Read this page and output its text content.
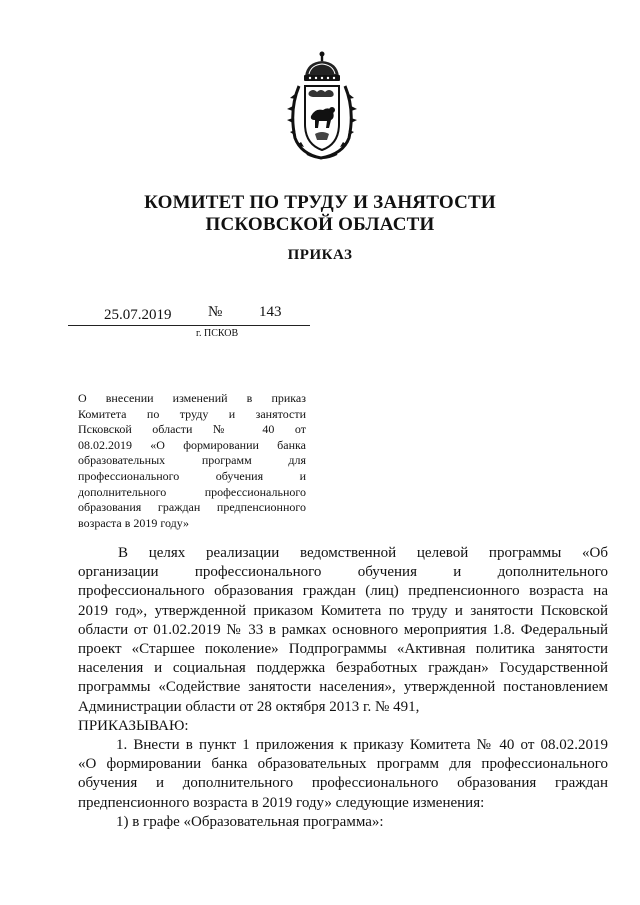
КОМИТЕТ ПО ТРУДУ И ЗАНЯТОСТИ
ПСКОВСКОЙ ОБЛАСТИ
ПРИКАЗ
25.07.2019 № 143
г. ПСКОВ
О внесении изменений в приказ
Комитета по труду и занятости
Псковской области № 40 от
08.02.2019 «О формировании банка
образовательных программ для
профессионального обучения и
дополнительного профессионального
образования граждан предпенсионного
возраста в 2019 году»
В целях реализации ведомственной целевой программы «Об
организации профессионального обучения и дополнительного
профессионального образования граждан (лиц) предпенсионного возраста на
2019 год», утвержденной приказом Комитета по труду и занятости Псковской
области от 01.02.2019 № 33 в рамках основного мероприятия 1.8. Федеральный
проект «Старшее поколение» Подпрограммы «Активная политика занятости
населения и социальная поддержка безработных граждан» Государственной
программы «Содействие занятости населения», утвержденной постановлением
Администрации области от 28 октября 2013 г. № 491,
ПРИКАЗЫВАЮ:
1. Внести в пункт 1 приложения к приказу Комитета № 40 от 08.02.2019
«О формировании банка образовательных программ для профессионального
обучения и дополнительного профессионального образования граждан
предпенсионного возраста в 2019 году» следующие изменения:
1) в графе «Образовательная программа»:
